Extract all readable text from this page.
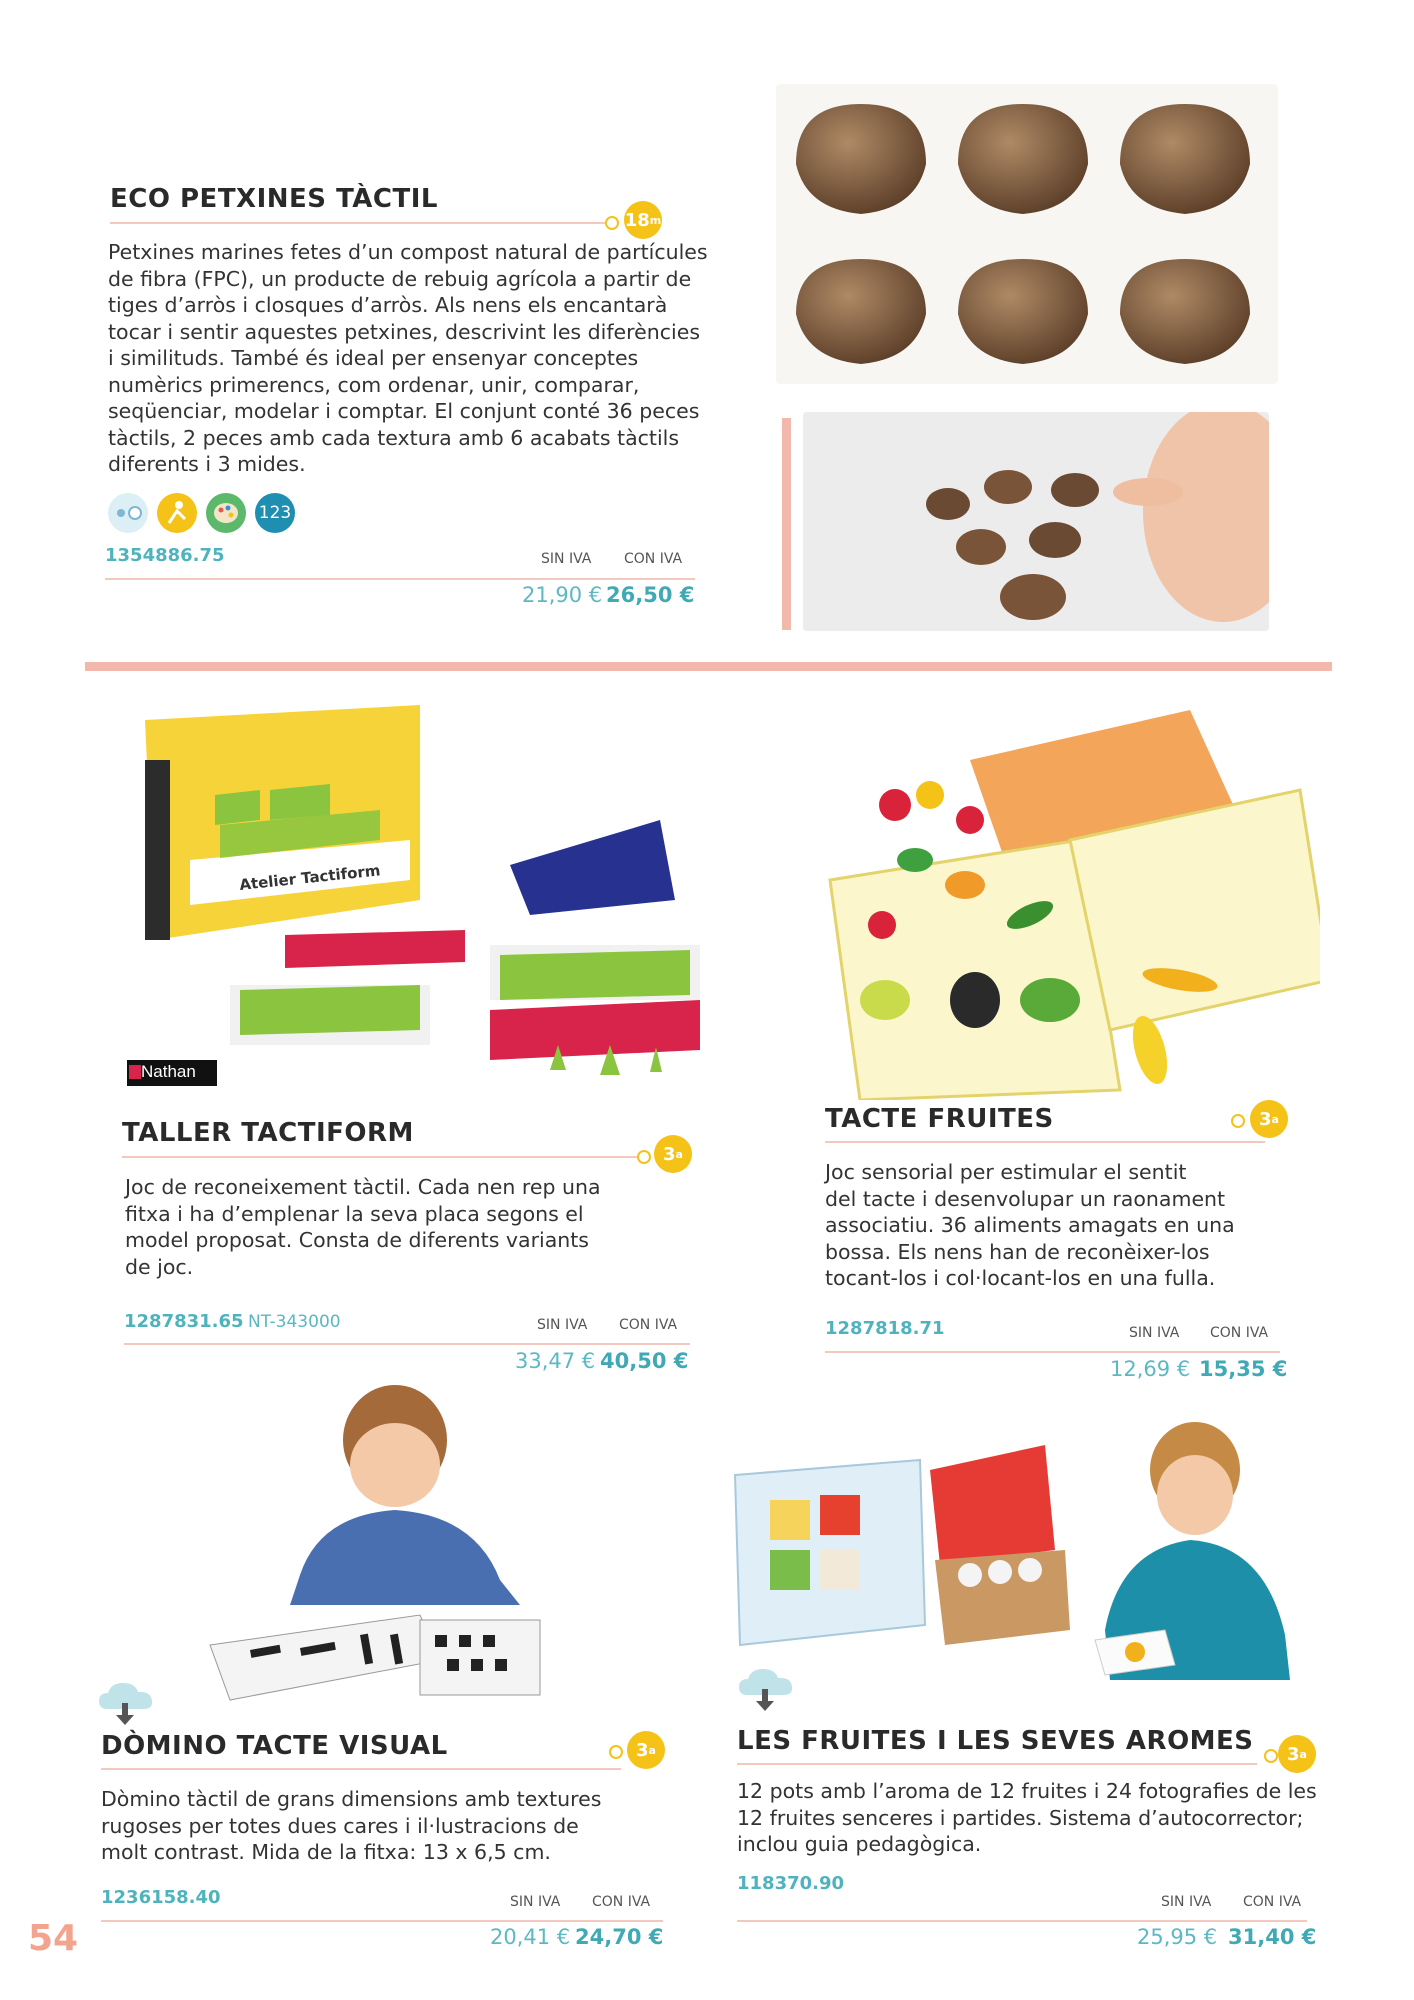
ECO PETXINES TÀCTIL
18 m
Petxines marines fetes d’un compost natural de partícules
de fibra (FPC), un producte de rebuig agrícola a partir de
tiges d’arròs i closques d’arròs. Als nens els encantarà
tocar i sentir aquestes petxines, descrivint les diferències
i similituds. També és ideal per ensenyar conceptes
numèrics primerencs, com ordenar, unir, comparar,
seqüenciar, modelar i comptar. El conjunt conté 36 peces
tàctils, 2 peces amb cada textura amb 6 acabats tàctils
diferents i 3 mides.
123
1354886.75	SIN IVA CON IVA
21,90 € 26,50 €
Atelier Tactiform
Nathan
TALLER TACTIFORM
3 a
Joc de reconeixement tàctil. Cada nen rep una
fitxa i ha d’emplenar la seva placa segons el
model proposat. Consta de diferents variants
de joc.
1287831.65 NT-343000	SIN IVA CON IVA
33,47 € 40,50 €
TACTE FRUITES	3 a
Joc sensorial per estimular el sentit
del tacte i desenvolupar un raonament
associatiu. 36 aliments amagats en una
bossa. Els nens han de reconèixer-los
tocant-los i col·locant-los en una fulla.
1287818.71	SIN IVA CON IVA
12,69 € 15,35 €
DÒMINO TACTE VISUAL	3 a
Dòmino tàctil de grans dimensions amb textures
rugoses per totes dues cares i il·lustracions de
molt contrast. Mida de la fitxa: 13 x 6,5 cm.
1236158.40	SIN IVA CON IVA
20,41 € 24,70 €
LES FRUITES I LES SEVES AROMES 3 a
12 pots amb l’aroma de 12 fruites i 24 fotografies de les
12 fruites senceres i partides. Sistema d’autocorrector;
inclou guia pedagògica.
118370.90
SIN IVA CON IVA
25,95 € 31,40 €
54
